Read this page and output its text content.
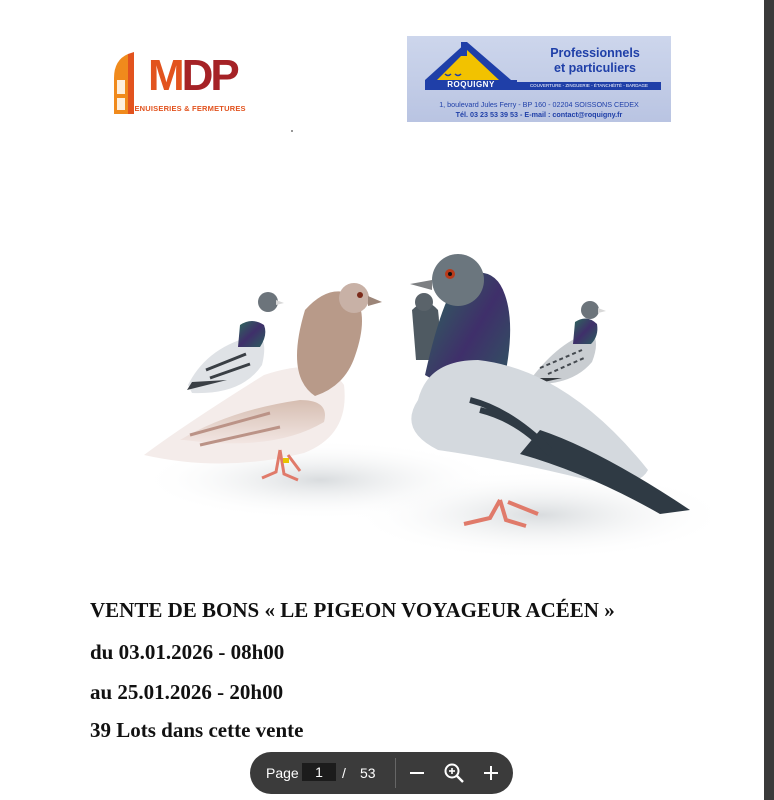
MDP
MENUISERIES & FERMETURES
Professionnels
et particuliers
ROQUIGNY	COUVERTURE - ZINGUERIE - ÉTANCHÉITÉ - BARDAGE
1, boulevard Jules Ferry - BP 160 - 02204 SOISSONS CEDEX
Tél. 03 23 53 39 53 - E-mail : contact@roquigny.fr
VENTE DE BONS « LE PIGEON VOYAGEUR ACÉEN »

du 03.01.2026 - 08h00

au 25.01.2026 - 20h00

39 Lots dans cette vente

Page
1	/ 53
